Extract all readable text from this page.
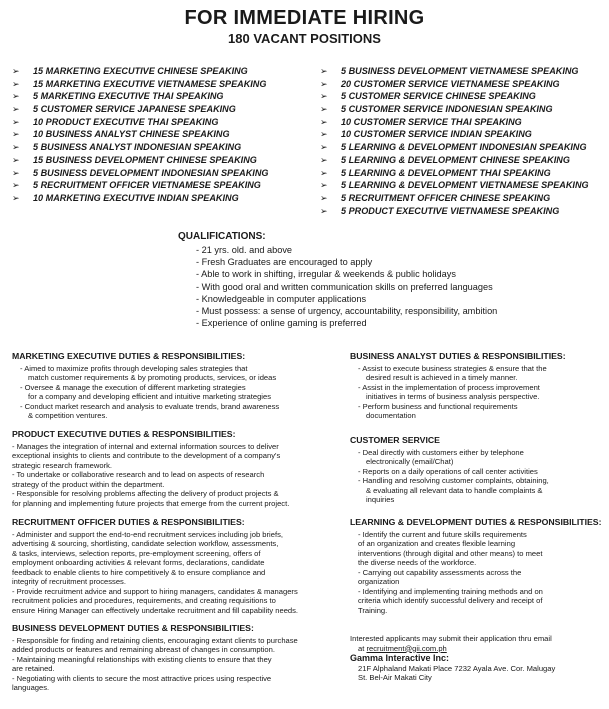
FOR IMMEDIATE HIRING
180 VACANT POSITIONS
➢ 15 MARKETING EXECUTIVE CHINESE SPEAKING
➢ 15 MARKETING EXECUTIVE VIETNAMESE SPEAKING
➢ 5 MARKETING EXECUTIVE THAI SPEAKING
➢ 5 CUSTOMER SERVICE JAPANESE SPEAKING
➢ 10 PRODUCT EXECUTIVE THAI SPEAKING
➢ 10 BUSINESS ANALYST CHINESE SPEAKING
➢ 5 BUSINESS ANALYST INDONESIAN SPEAKING
➢ 15 BUSINESS DEVELOPMENT CHINESE SPEAKING
➢ 5 BUSINESS DEVELOPMENT INDONESIAN SPEAKING
➢ 5 RECRUITMENT OFFICER VIETNAMESE SPEAKING
➢ 10 MARKETING EXECUTIVE INDIAN SPEAKING
➢ 5 BUSINESS DEVELOPMENT VIETNAMESE SPEAKING
➢ 20 CUSTOMER SERVICE VIETNAMESE SPEAKING
➢ 5 CUSTOMER SERVICE CHINESE SPEAKING
➢ 5 CUSTOMER SERVICE INDONESIAN SPEAKING
➢ 10 CUSTOMER SERVICE THAI SPEAKING
➢ 10 CUSTOMER SERVICE INDIAN SPEAKING
➢ 5 LEARNING & DEVELOPMENT INDONESIAN SPEAKING
➢ 5 LEARNING & DEVELOPMENT CHINESE SPEAKING
➢ 5 LEARNING & DEVELOPMENT THAI SPEAKING
➢ 5 LEARNING & DEVELOPMENT VIETNAMESE SPEAKING
➢ 5 RECRUITMENT OFFICER CHINESE SPEAKING
➢ 5 PRODUCT EXECUTIVE VIETNAMESE SPEAKING
QUALIFICATIONS:
- 21 yrs. old. and above
- Fresh Graduates are encouraged to apply
- Able to work in shifting, irregular & weekends & public holidays
- With good oral and written communication skills on preferred languages
- Knowledgeable in computer applications
- Must possess: a sense of urgency, accountability, responsibility, ambition
- Experience of online gaming is preferred
MARKETING EXECUTIVE DUTIES & RESPONSIBILITIES:

- Aimed to maximize profits through developing sales strategies that

match customer requirements & by promoting products, services, or ideas

- Oversee & manage the execution of different marketing strategies

for a company and developing efficient and intuitive marketing strategies

- Conduct market research and analysis to evaluate trends, brand awareness

& competition ventures.

PRODUCT EXECUTIVE DUTIES & RESPONSIBILITIES:

- Manages the integration of internal and external information sources to deliver

exceptional insights to clients and contribute to the development of a company's

strategic research framework.

- To undertake or collaborative research and to lead on aspects of research

strategy of the product within the department.

- Responsible for resolving problems affecting the delivery of product projects &

for planning and implementing future projects that emerge from the current project.

RECRUITMENT OFFICER DUTIES & RESPONSIBILITIES:

- Administer and support the end-to-end recruitment services including job briefs,

advertising & sourcing, shortlisting, candidate selection workflow, assessments,

& tasks, interviews, selection reports, pre-employment screening, offers of

employment onboarding activities & relevant forms, declarations, candidate

feedback to enable clients to hire competitively & to ensure compliance and

integrity of recruitment processes.

- Provide recruitment advice and support to hiring managers, candidates & managers

recruitment policies and procedures, requirements, and creating requisitions to

ensure Hiring Manager can effectively undertake recruitment and fill capability needs.

BUSINESS DEVELOPMENT DUTIES & RESPONSIBILITIES:

- Responsible for finding and retaining clients, encouraging extant clients to purchase

added products or features and remaining abreast of changes in consumption.

- Maintaining meaningful relationships with existing clients to ensure that they

are retained.

- Negotiating with clients to secure the most attractive prices using respective

languages.

BUSINESS ANALYST DUTIES & RESPONSIBILITIES:

- Assist to execute business strategies & ensure that the

desired result is achieved in a timely manner.

- Assist in the implementation of process improvement

initiatives in terms of business analysis perspective.

- Perform business and functional requirements

documentation

CUSTOMER SERVICE

- Deal directly with customers either by telephone

electronically (email/Chat)

- Reports on a daily operations of call center activities

- Handling and resolving customer complaints, obtaining,

& evaluating all relevant data to handle complaints &

inquiries

LEARNING & DEVELOPMENT DUTIES & RESPONSIBILITIES:

- Identify the current and future skills requirements

of an organization and creates flexible learning

interventions (through digital and other means) to meet

the diverse needs of the workforce.

- Carrying out capability assessments across the

organization

- Identifying and implementing training methods and on

criteria which identify successful delivery and receipt of

Training.

Interested applicants may submit their application thru email
at recruitment@gii.com.ph
Gamma Interactive Inc:
21F Alphaland Makati Place 7232 Ayala Ave. Cor. Malugay
St. Bel-Air Makati City
